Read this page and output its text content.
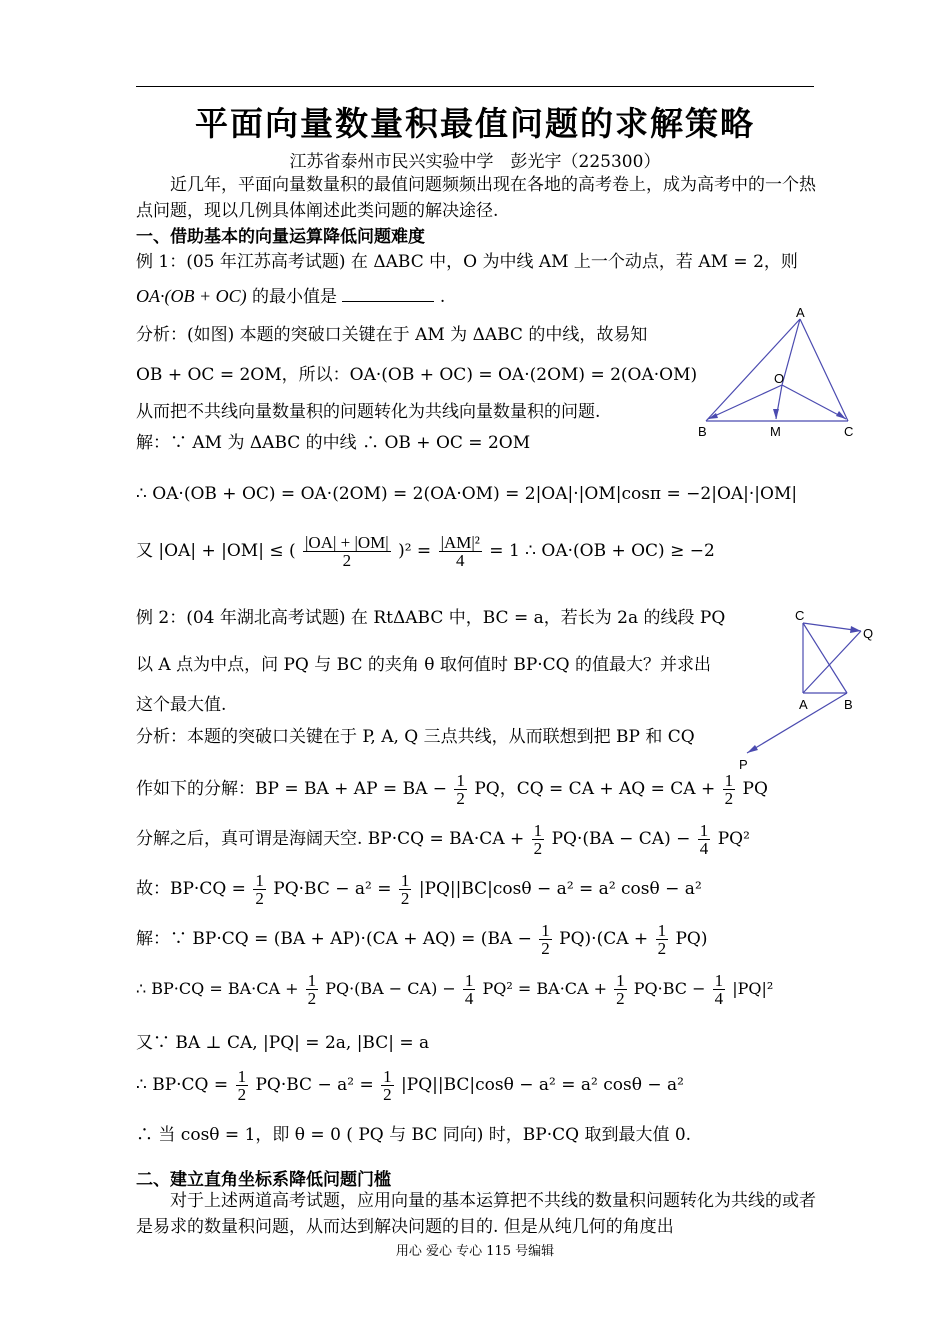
平面向量数量积最值问题的求解策略
江苏省泰州市民兴实验中学　彭光宇（225300）
近几年，平面向量数量积的最值问题频频出现在各地的高考卷上，成为高考中的一个热点问题，现以几例具体阐述此类问题的解决途径.
一、借助基本的向量运算降低问题难度
例 1：(05 年江苏高考试题) 在 ΔABC 中，O 为中线 AM 上一个动点，若 AM = 2，则
OA·(OB + OC) 的最小值是	.
分析：(如图) 本题的突破口关键在于 AM 为 ΔABC 的中线，故易知
OB + OC = 2OM，所以：OA·(OB + OC) = OA·(2OM) = 2(OA·OM)
从而把不共线向量数量积的问题转化为共线向量数量积的问题.
解：∵ AM 为 ΔABC 的中线 ∴ OB + OC = 2OM
∴ OA·(OB + OC) = OA·(2OM) = 2(OA·OM) = 2|OA|·|OM|cosπ = −2|OA|·|OM|
又 |OA| + |OM| ≤ ( $\frac{|OA| + |OM|}{2} )^2 = \frac{\text{|AM|²}}{4} = 1$ ∴ OA·(OB + OC) ≥ −2
A
O
B	M	C
例 2：(04 年湖北高考试题) 在 RtΔABC 中，BC = a，若长为 2a 的线段 PQ
以 A 点为中点，问 PQ 与 BC 的夹角 θ 取何值时 BP·CQ 的值最大？并求出
这个最大值.
分析：本题的突破口关键在于 P, A, Q 三点共线，从而联想到把 BP 和 CQ
作如下的分解：BP = BA + AP = BA − $\frac{1}{2}$ PQ，CQ = CA + AQ = CA + $\frac{1}{2}$ PQ
分解之后，真可谓是海阔天空. $BP\cdot CQ = BA\cdot CA + \frac{1}{2} PQ\cdot(BA - CA) - \frac{1}{4} PQ^2$
故：$BP\cdot CQ = \frac{1}{2} PQ\cdot BC - a^2 = \frac{1}{2} |PQ||BC|\cos\theta - a^2 = a^2$ cosθ − a²
解：∵ $BP\cdot CQ = (BA + AP)\cdot(CA + AQ) = (BA - \frac{1}{2} PQ)\cdot(CA + \frac{1}{2} PQ)$
∴ $BP\cdot CQ = BA\cdot CA + \frac{1}{2} PQ\cdot(BA - CA) - \frac{1}{4} PQ^2 = BA\cdot CA + \frac{1}{2} PQ\cdot BC - \frac{1}{4} |PQ|^2$
又∵ BA ⊥ CA, |PQ| = 2a, |BC| = a
∴ $BP\cdot CQ = \frac{1}{2} PQ\cdot BC - a^2 = \frac{1}{2} |PQ||BC|\cos\theta - a^2 = a^2$ cosθ − a²
∴ 当 cosθ = 1，即 θ = 0 ( PQ 与 BC 同向) 时，BP·CQ 取到最大值 0.
C
Q
A	B
P
二、建立直角坐标系降低问题门槛
对于上述两道高考试题，应用向量的基本运算把不共线的数量积问题转化为共线的或者是易求的数量积问题，从而达到解决问题的目的. 但是从纯几何的角度出
用心 爱心 专心 115 号编辑
